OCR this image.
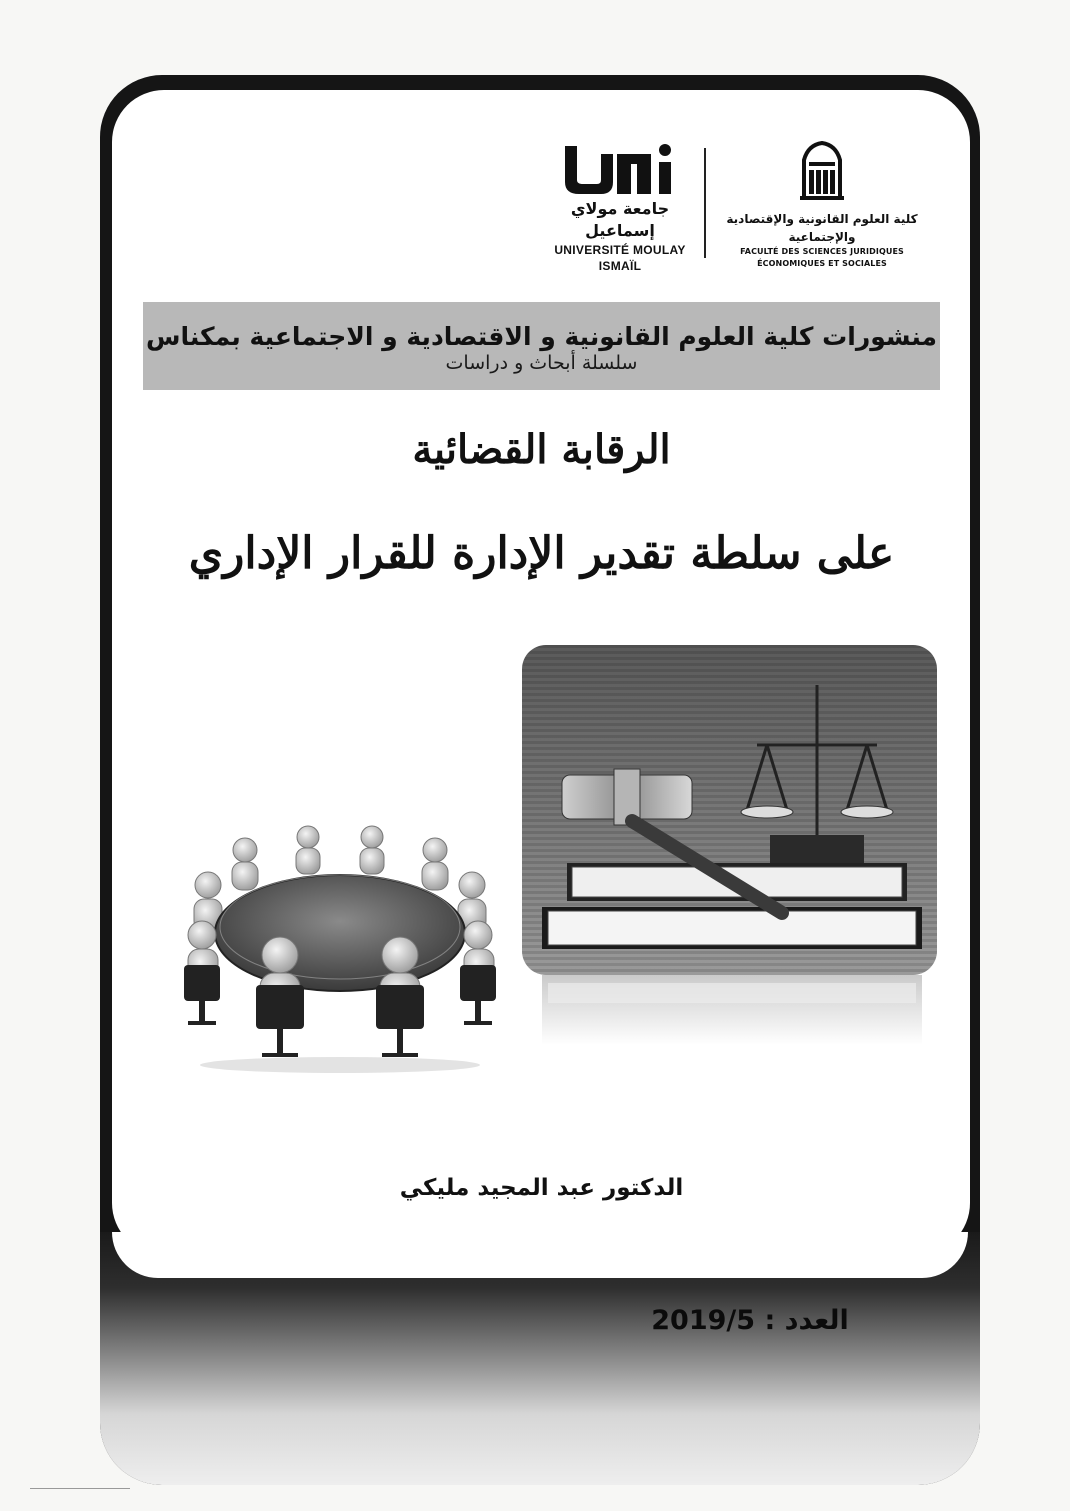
جامعة مولاي إسماعيل
UNIVERSITÉ MOULAY ISMAÏL
كلية العلوم القانونية والإقتصادية والإجتماعية
FACULTÉ DES SCIENCES JURIDIQUES ÉCONOMIQUES ET SOCIALES
منشورات كلية العلوم القانونية و الاقتصادية و الاجتماعية بمكناس
سلسلة أبحاث و دراسات
الرقابة القضائية
على سلطة تقدير الإدارة للقرار الإداري
الدكتور عبد المجيد مليكي
العدد : 2019/5
